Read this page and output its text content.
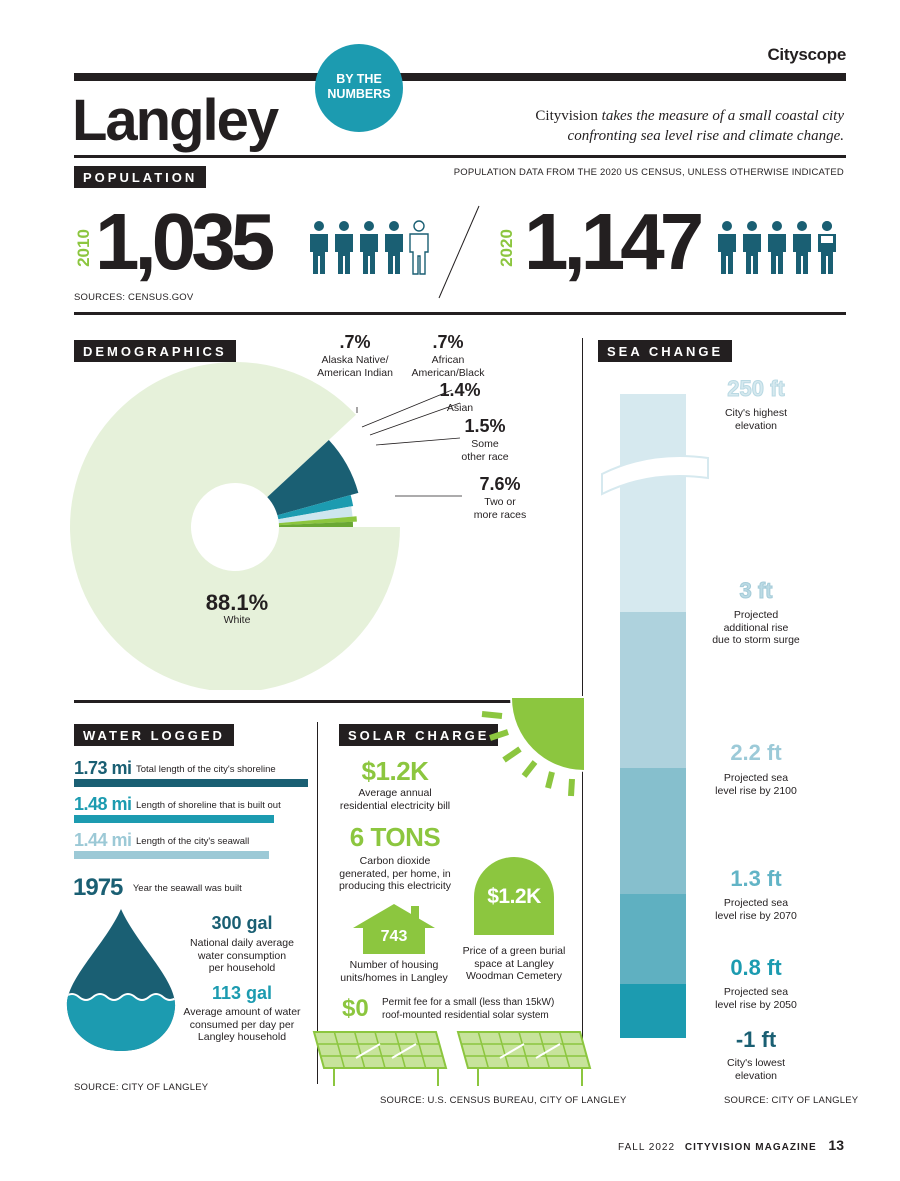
Cityscope
Langley
BY THE
NUMBERS
Cityvision takes the measure of a small coastal city
confronting sea level rise and climate change.
POPULATION	POPULATION DATA FROM THE 2020 US CENSUS, UNLESS OTHERWISE INDICATED
2010 1,035	2020 1,147
SOURCES: CENSUS.GOV
DEMOGRAPHICS	.7%
Alaska Native/
American Indian
.7%
African
American/Black
1.4%
Asian
1.5%
Some
other race
7.6%
Two or
more races
88.1%
White
SEA CHANGE
250 ft
City's highest
elevation
3 ft
Projected
additional rise
due to storm surge
2.2 ft
Projected sea
level rise by 2100
1.3 ft
Projected sea
level rise by 2070
0.8 ft
Projected sea
level rise by 2050
-1 ft
City's lowest
elevation
SOURCE: CITY OF LANGLEY
WATER LOGGED
1.73 mi Total length of the city's shoreline
1.48 mi Length of shoreline that is built out
1.44 mi Length of the city's seawall
1975 $^{Year the seawall was built}$
300 gal
National daily average
water consumption
per household
113 gal
Average amount of water
consumed per day per
Langley household
SOURCE: CITY OF LANGLEY
SOLAR CHARGE
$1.2K
Average annual
residential electricity bill
6 TONS
Carbon dioxide
generated, per home, in
producing this electricity
743
Number of housing
units/homes in Langley
$1.2K
Price of a green burial
space at Langley
Woodman Cemetery
$0 Permit fee for a small (less than 15kW)
roof-mounted residential solar system
SOURCE: U.S. CENSUS BUREAU, CITY OF LANGLEY
FALL 2022 CITYVISION MAGAZINE 13
